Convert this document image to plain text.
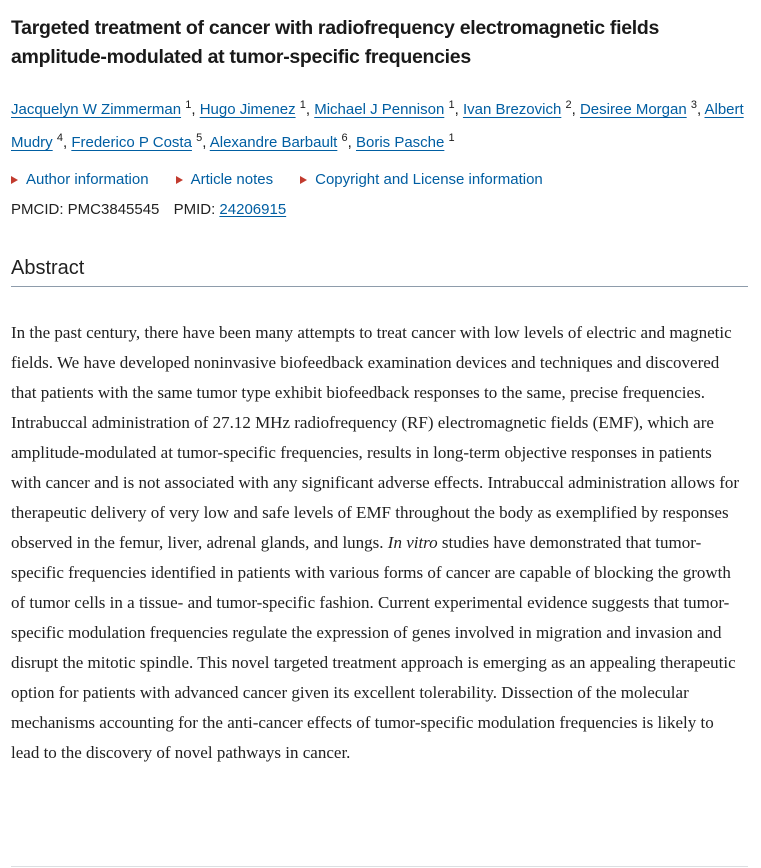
Targeted treatment of cancer with radiofrequency electromagnetic fields amplitude-modulated at tumor-specific frequencies

Jacquelyn W Zimmerman $^1$, Hugo Jimenez $^1$, Michael J Pennison $^1$, Ivan Brezovich $^2$, Desiree Morgan $^3$, Albert Mudry $^4$, Frederico P Costa $^5$, Alexandre Barbault $^6$, Boris Pasche $^1$

Author information	Article notes	Copyright and License information

PMCID: PMC3845545 PMID: 24206915

Abstract

In the past century, there have been many attempts to treat cancer with low levels of electric and magnetic fields. We have developed noninvasive biofeedback examination devices and techniques and discovered that patients with the same tumor type exhibit biofeedback responses to the same, precise frequencies. Intrabuccal administration of 27.12 MHz radiofrequency (RF) electromagnetic fields (EMF), which are amplitude-modulated at tumor-specific frequencies, results in long-term objective responses in patients with cancer and is not associated with any significant adverse effects. Intrabuccal administration allows for therapeutic delivery of very low and safe levels of EMF throughout the body as exemplified by responses observed in the femur, liver, adrenal glands, and lungs. In vitro studies have demonstrated that tumor-specific frequencies identified in patients with various forms of cancer are capable of blocking the growth of tumor cells in a tissue- and tumor-specific fashion. Current experimental evidence suggests that tumor-specific modulation frequencies regulate the expression of genes involved in migration and invasion and disrupt the mitotic spindle. This novel targeted treatment approach is emerging as an appealing therapeutic option for patients with advanced cancer given its excellent tolerability. Dissection of the molecular mechanisms accounting for the anti-cancer effects of tumor-specific modulation frequencies is likely to lead to the discovery of novel pathways in cancer.
